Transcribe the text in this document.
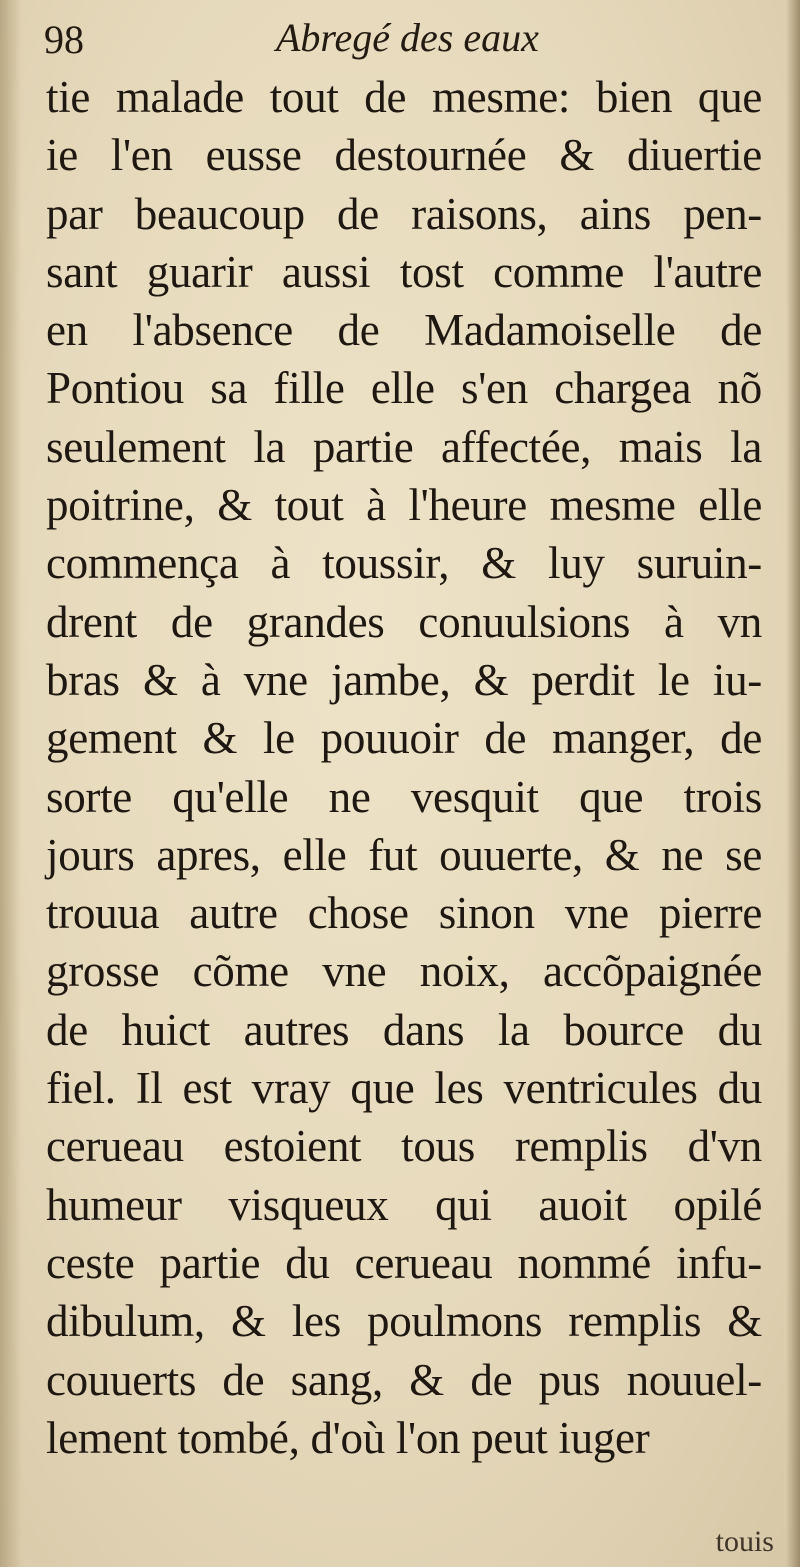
98	Abregé des eaux
tie malade tout de mesme: bien que
ie l'en eusse destournée & diuertie
par beaucoup de raisons, ains pen-
sant guarir aussi tost comme l'autre
en l'absence de Madamoiselle de
Pontiou sa fille elle s'en chargea nõ
seulement la partie affectée, mais la
poitrine, & tout à l'heure mesme elle
commença à toussir, & luy suruin-
drent de grandes conuulsions à vn
bras & à vne jambe, & perdit le iu-
gement & le pouuoir de manger, de
sorte qu'elle ne vesquit que trois
jours apres, elle fut ouuerte, & ne se
trouua autre chose sinon vne pierre
grosse cõme vne noix, accõpaignée
de huict autres dans la bource du
fiel. Il est vray que les ventricules du
cerueau estoient tous remplis d'vn
humeur visqueux qui auoit opilé
ceste partie du cerueau nommé infu-
dibulum, & les poulmons remplis &
couuerts de sang, & de pus nouuel-
lement tombé, d'où l'on peut iuger
touis
